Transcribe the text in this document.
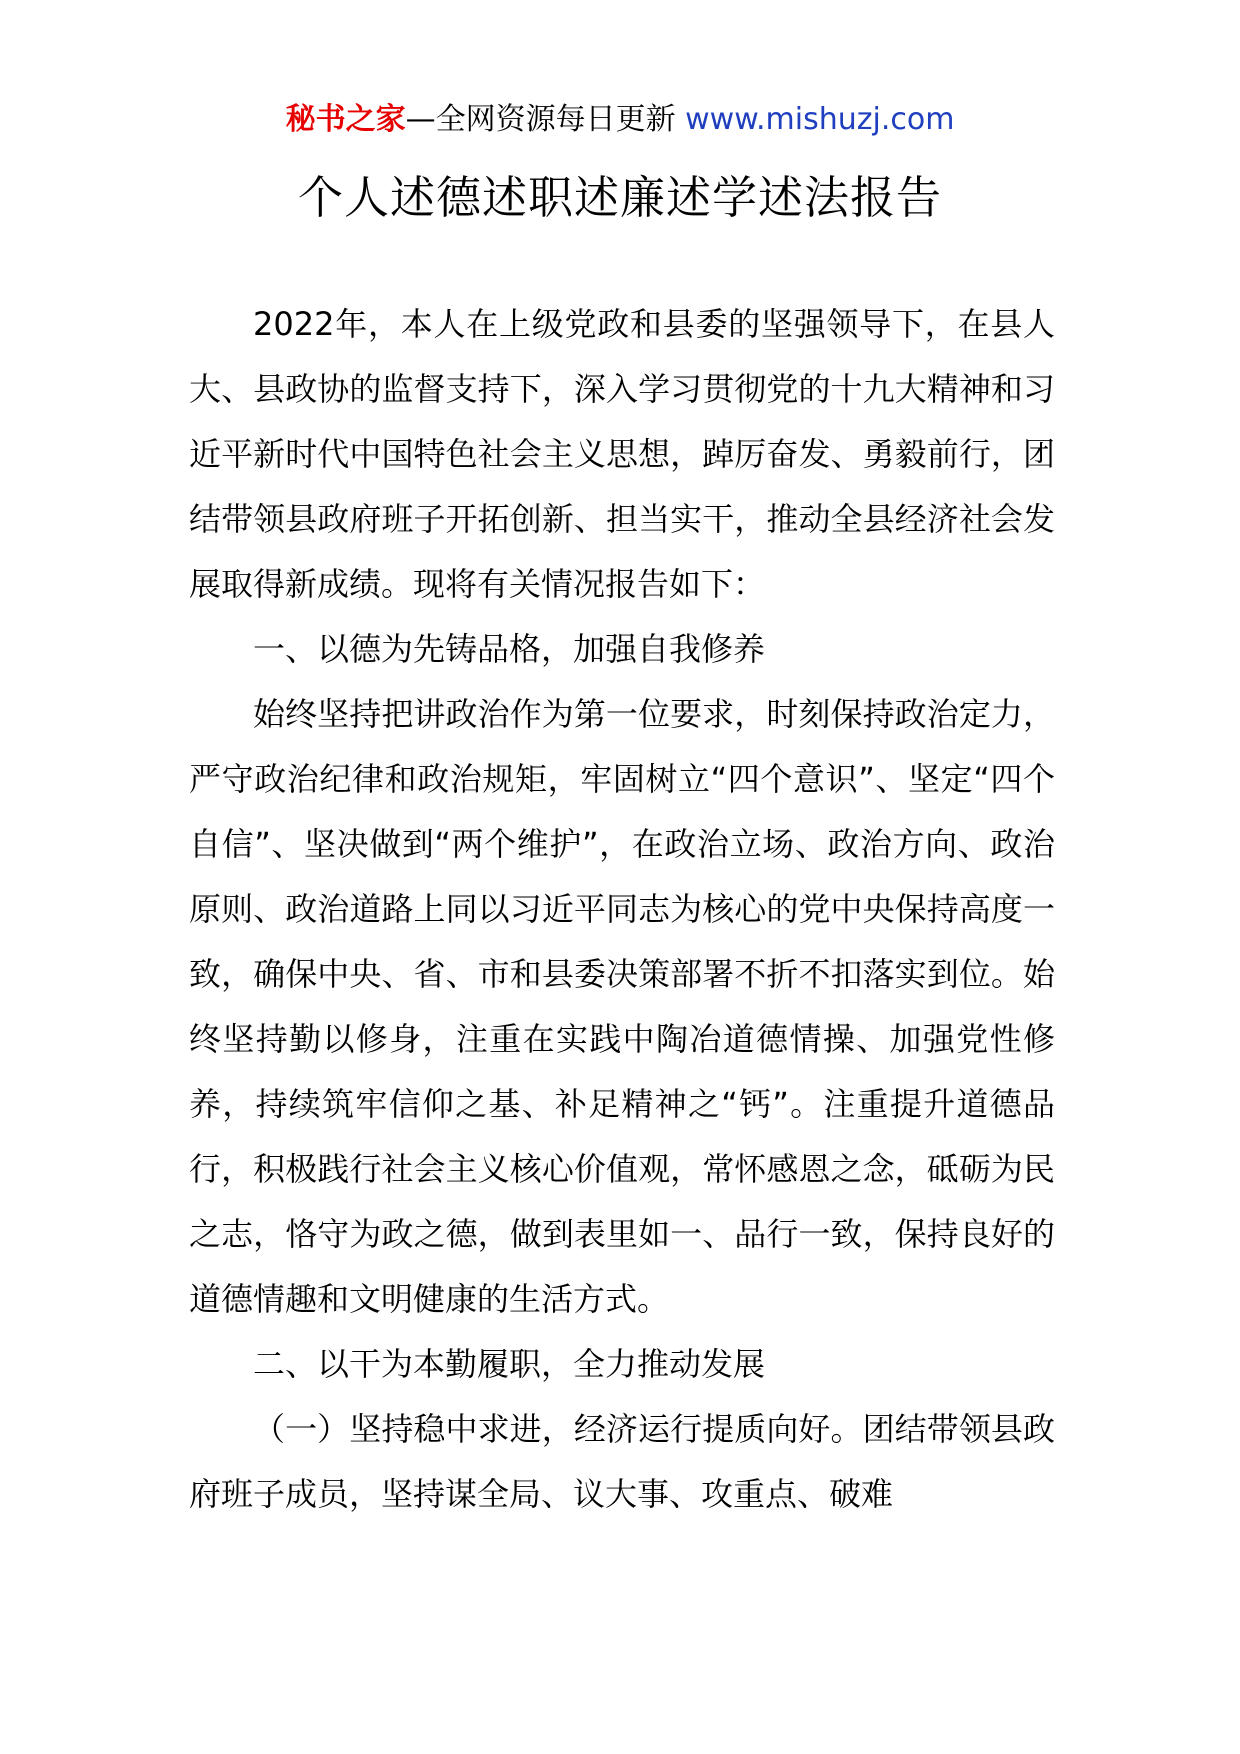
秘书之家—全网资源每日更新 www.mishuzj.com
个人述德述职述廉述学述法报告

2022年，本人在上级党政和县委的坚强领导下，在县人大、县政协的监督支持下，深入学习贯彻党的十九大精神和习近平新时代中国特色社会主义思想，踔厉奋发、勇毅前行，团结带领县政府班子开拓创新、担当实干，推动全县经济社会发展取得新成绩。现将有关情况报告如下：

一、以德为先铸品格，加强自我修养

始终坚持把讲政治作为第一位要求，时刻保持政治定力，严守政治纪律和政治规矩，牢固树立“四个意识”、坚定“四个自信”、坚决做到“两个维护”，在政治立场、政治方向、政治原则、政治道路上同以习近平同志为核心的党中央保持高度一致，确保中央、省、市和县委决策部署不折不扣落实到位。始终坚持勤以修身，注重在实践中陶冶道德情操、加强党性修养，持续筑牢信仰之基、补足精神之“钙”。注重提升道德品行，积极践行社会主义核心价值观，常怀感恩之念，砥砺为民之志，恪守为政之德，做到表里如一、品行一致，保持良好的道德情趣和文明健康的生活方式。

二、以干为本勤履职，全力推动发展

（一）坚持稳中求进，经济运行提质向好。团结带领县政府班子成员，坚持谋全局、议大事、攻重点、破难
